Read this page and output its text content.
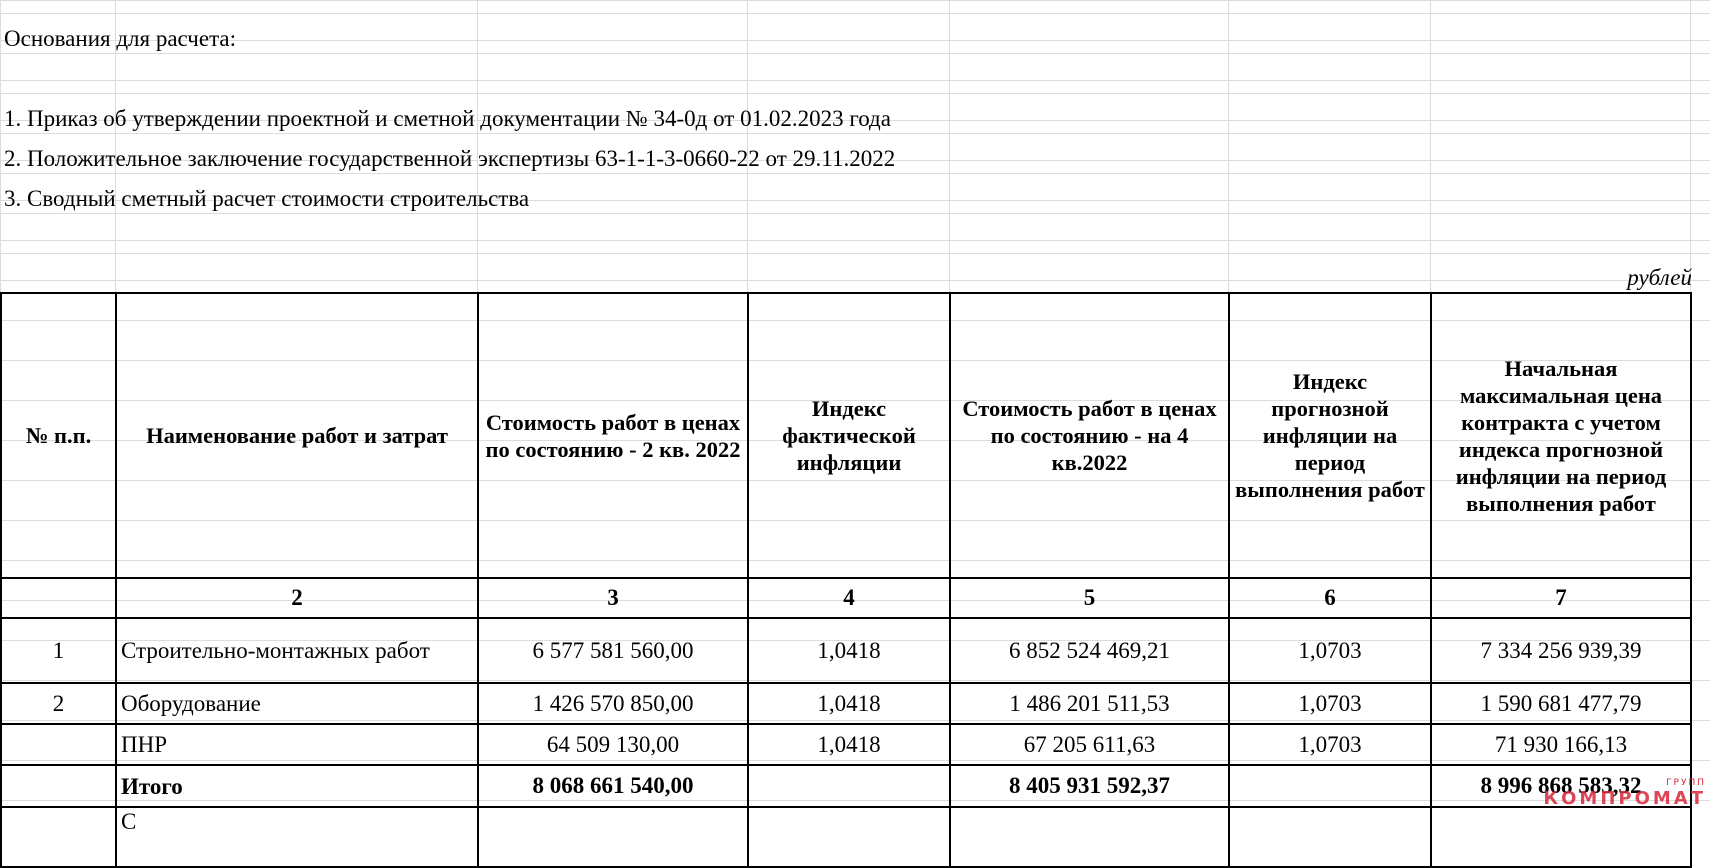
Основания для расчета:
1. Приказ об утверждении проектной и сметной документации № 34-0д от 01.02.2023 года
2. Положительное заключение государственной экспертизы 63-1-1-3-0660-22 от 29.11.2022
3. Сводный сметный расчет стоимости строительства
рублей
№ п.п.	Наименование работ и затрат	Стоимость работ в ценах по состоянию - 2 кв. 2022	Индекс фактической инфляции	Стоимость работ в ценах по состоянию - на 4 кв.2022	Индекс прогнозной инфляции на период выполнения работ	Начальная максимальная цена контракта с учетом индекса прогнозной инфляции на период выполнения работ
	2	3	4	5	6	7
1	Строительно-монтажных работ	6 577 581 560,00	1,0418	6 852 524 469,21	1,0703	7 334 256 939,39
2	Оборудование	1 426 570 850,00	1,0418	1 486 201 511,53	1,0703	1 590 681 477,79
	ПНР	64 509 130,00	1,0418	67 205 611,63	1,0703	71 930 166,13
	Итого	8 068 661 540,00		8 405 931 592,37		8 996 868 583,32
	С					
ГРУПП
КОМПРОМАТ
